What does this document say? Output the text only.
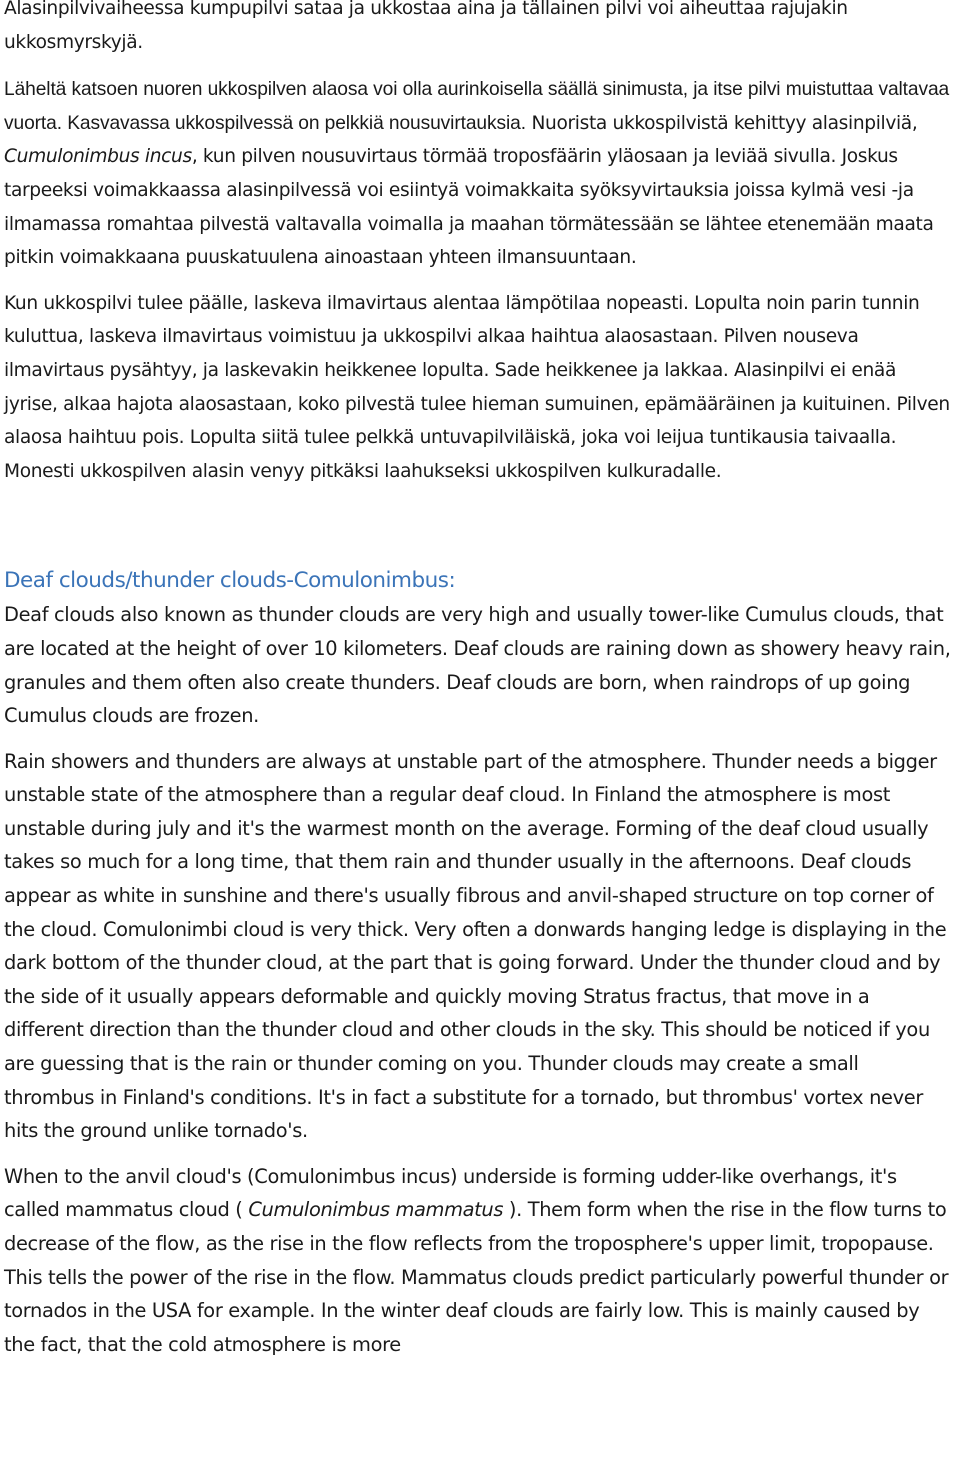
Alasinpilvivaiheessa kumpupilvi sataa ja ukkostaa aina ja tällainen pilvi voi aiheuttaa rajujakin ukkosmyrskyjä.

Läheltä katsoen nuoren ukkospilven alaosa voi olla aurinkoisella säällä sinimusta, ja itse pilvi muistuttaa valtavaa vuorta. Kasvavassa ukkospilvessä on pelkkiä nousuvirtauksia. Nuorista ukkospilvistä kehittyy alasinpilviä, Cumulonimbus incus, kun pilven nousuvirtaus törmää troposfäärin yläosaan ja leviää sivulla. Joskus tarpeeksi voimakkaassa alasinpilvessä voi esiintyä voimakkaita syöksyvirtauksia joissa kylmä vesi -ja ilmamassa romahtaa pilvestä valtavalla voimalla ja maahan törmätessään se lähtee etenemään maata pitkin voimakkaana puuskatuulena ainoastaan yhteen ilmansuuntaan.

Kun ukkospilvi tulee päälle, laskeva ilmavirtaus alentaa lämpötilaa nopeasti. Lopulta noin parin tunnin kuluttua, laskeva ilmavirtaus voimistuu ja ukkospilvi alkaa haihtua alaosastaan. Pilven nouseva ilmavirtaus pysähtyy, ja laskevakin heikkenee lopulta. Sade heikkenee ja lakkaa. Alasinpilvi ei enää jyrise, alkaa hajota alaosastaan, koko pilvestä tulee hieman sumuinen, epämääräinen ja kuituinen. Pilven alaosa haihtuu pois. Lopulta siitä tulee pelkkä untuvapilviläiskä, joka voi leijua tuntikausia taivaalla. Monesti ukkospilven alasin venyy pitkäksi laahukseksi ukkospilven kulkuradalle.

Deaf clouds/thunder clouds-Comulonimbus:

Deaf clouds also known as thunder clouds are very high and usually tower-like Cumulus clouds, that are located at the height of over 10 kilometers. Deaf clouds are raining down as showery heavy rain, granules and them often also create thunders. Deaf clouds are born, when raindrops of up going Cumulus clouds are frozen.

Rain showers and thunders are always at unstable part of the atmosphere. Thunder needs a bigger unstable state of the atmosphere than a regular deaf cloud. In Finland the atmosphere is most unstable during july and it's the warmest month on the average. Forming of the deaf cloud usually takes so much for a long time, that them rain and thunder usually in the afternoons. Deaf clouds appear as white in sunshine and there's usually fibrous and anvil-shaped structure on top corner of the cloud. Comulonimbi cloud is very thick. Very often a donwards hanging ledge is displaying in the dark bottom of the thunder cloud, at the part that is going forward. Under the thunder cloud and by the side of it usually appears deformable and quickly moving Stratus fractus, that move in a different direction than the thunder cloud and other clouds in the sky. This should be noticed if you are guessing that is the rain or thunder coming on you. Thunder clouds may create a small thrombus in Finland's conditions. It's in fact a substitute for a tornado, but thrombus' vortex never hits the ground unlike tornado's.

When to the anvil cloud's (Comulonimbus incus) underside is forming udder-like overhangs, it's called mammatus cloud ( Cumulonimbus mammatus ). Them form when the rise in the flow turns to decrease of the flow, as the rise in the flow reflects from the troposphere's upper limit, tropopause. This tells the power of the rise in the flow. Mammatus clouds predict particularly powerful thunder or tornados in the USA for example. In the winter deaf clouds are fairly low. This is mainly caused by the fact, that the cold atmosphere is more
